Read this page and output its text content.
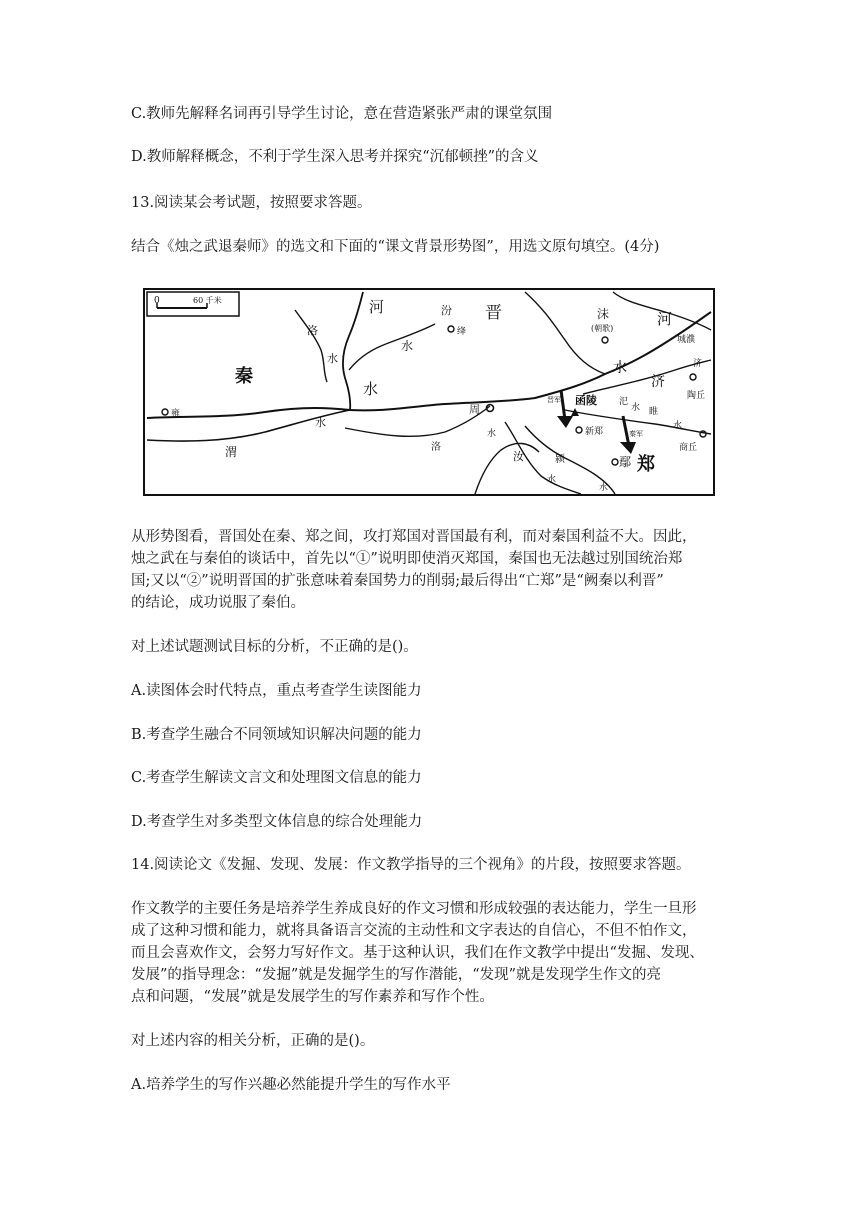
C.教师先解释名词再引导学生讨论，意在营造紧张严肃的课堂氛围
D.教师解释概念，不利于学生深入思考并探究“沉郁顿挫”的含义
13.阅读某会考试题，按照要求答题。
结合《烛之武退秦师》的选文和下面的“课文背景形势图”，用选文原句填空。(4分)
0	60 千米	河	汾 晋	沫
(朝歌)
河
洛	绛
水
水	城濮
济
秦
水
水
济
陶丘
雍	周
晋军 函陵 汜
水 睢
水
渭
水
新郑	秦军
商丘
洛
水
汝	颍	鄢 郑
水
水
从形势图看，晋国处在秦、郑之间，攻打郑国对晋国最有利，而对秦国利益不大。因此，
烛之武在与秦伯的谈话中，首先以“①”说明即使消灭郑国，秦国也无法越过别国统治郑
国;又以“②”说明晋国的扩张意味着秦国势力的削弱;最后得出“亡郑”是“阙秦以利晋”
的结论，成功说服了秦伯。
对上述试题测试目标的分析，不正确的是()。
A.读图体会时代特点，重点考查学生读图能力
B.考查学生融合不同领域知识解决问题的能力
C.考查学生解读文言文和处理图文信息的能力
D.考查学生对多类型文体信息的综合处理能力
14.阅读论文《发掘、发现、发展：作文教学指导的三个视角》的片段，按照要求答题。
作文教学的主要任务是培养学生养成良好的作文习惯和形成较强的表达能力，学生一旦形
成了这种习惯和能力，就将具备语言交流的主动性和文字表达的自信心，不但不怕作文，
而且会喜欢作文，会努力写好作文。基于这种认识，我们在作文教学中提出“发掘、发现、
发展”的指导理念：“发掘”就是发掘学生的写作潜能，“发现”就是发现学生作文的亮
点和问题，“发展”就是发展学生的写作素养和写作个性。
对上述内容的相关分析，正确的是()。
A.培养学生的写作兴趣必然能提升学生的写作水平
